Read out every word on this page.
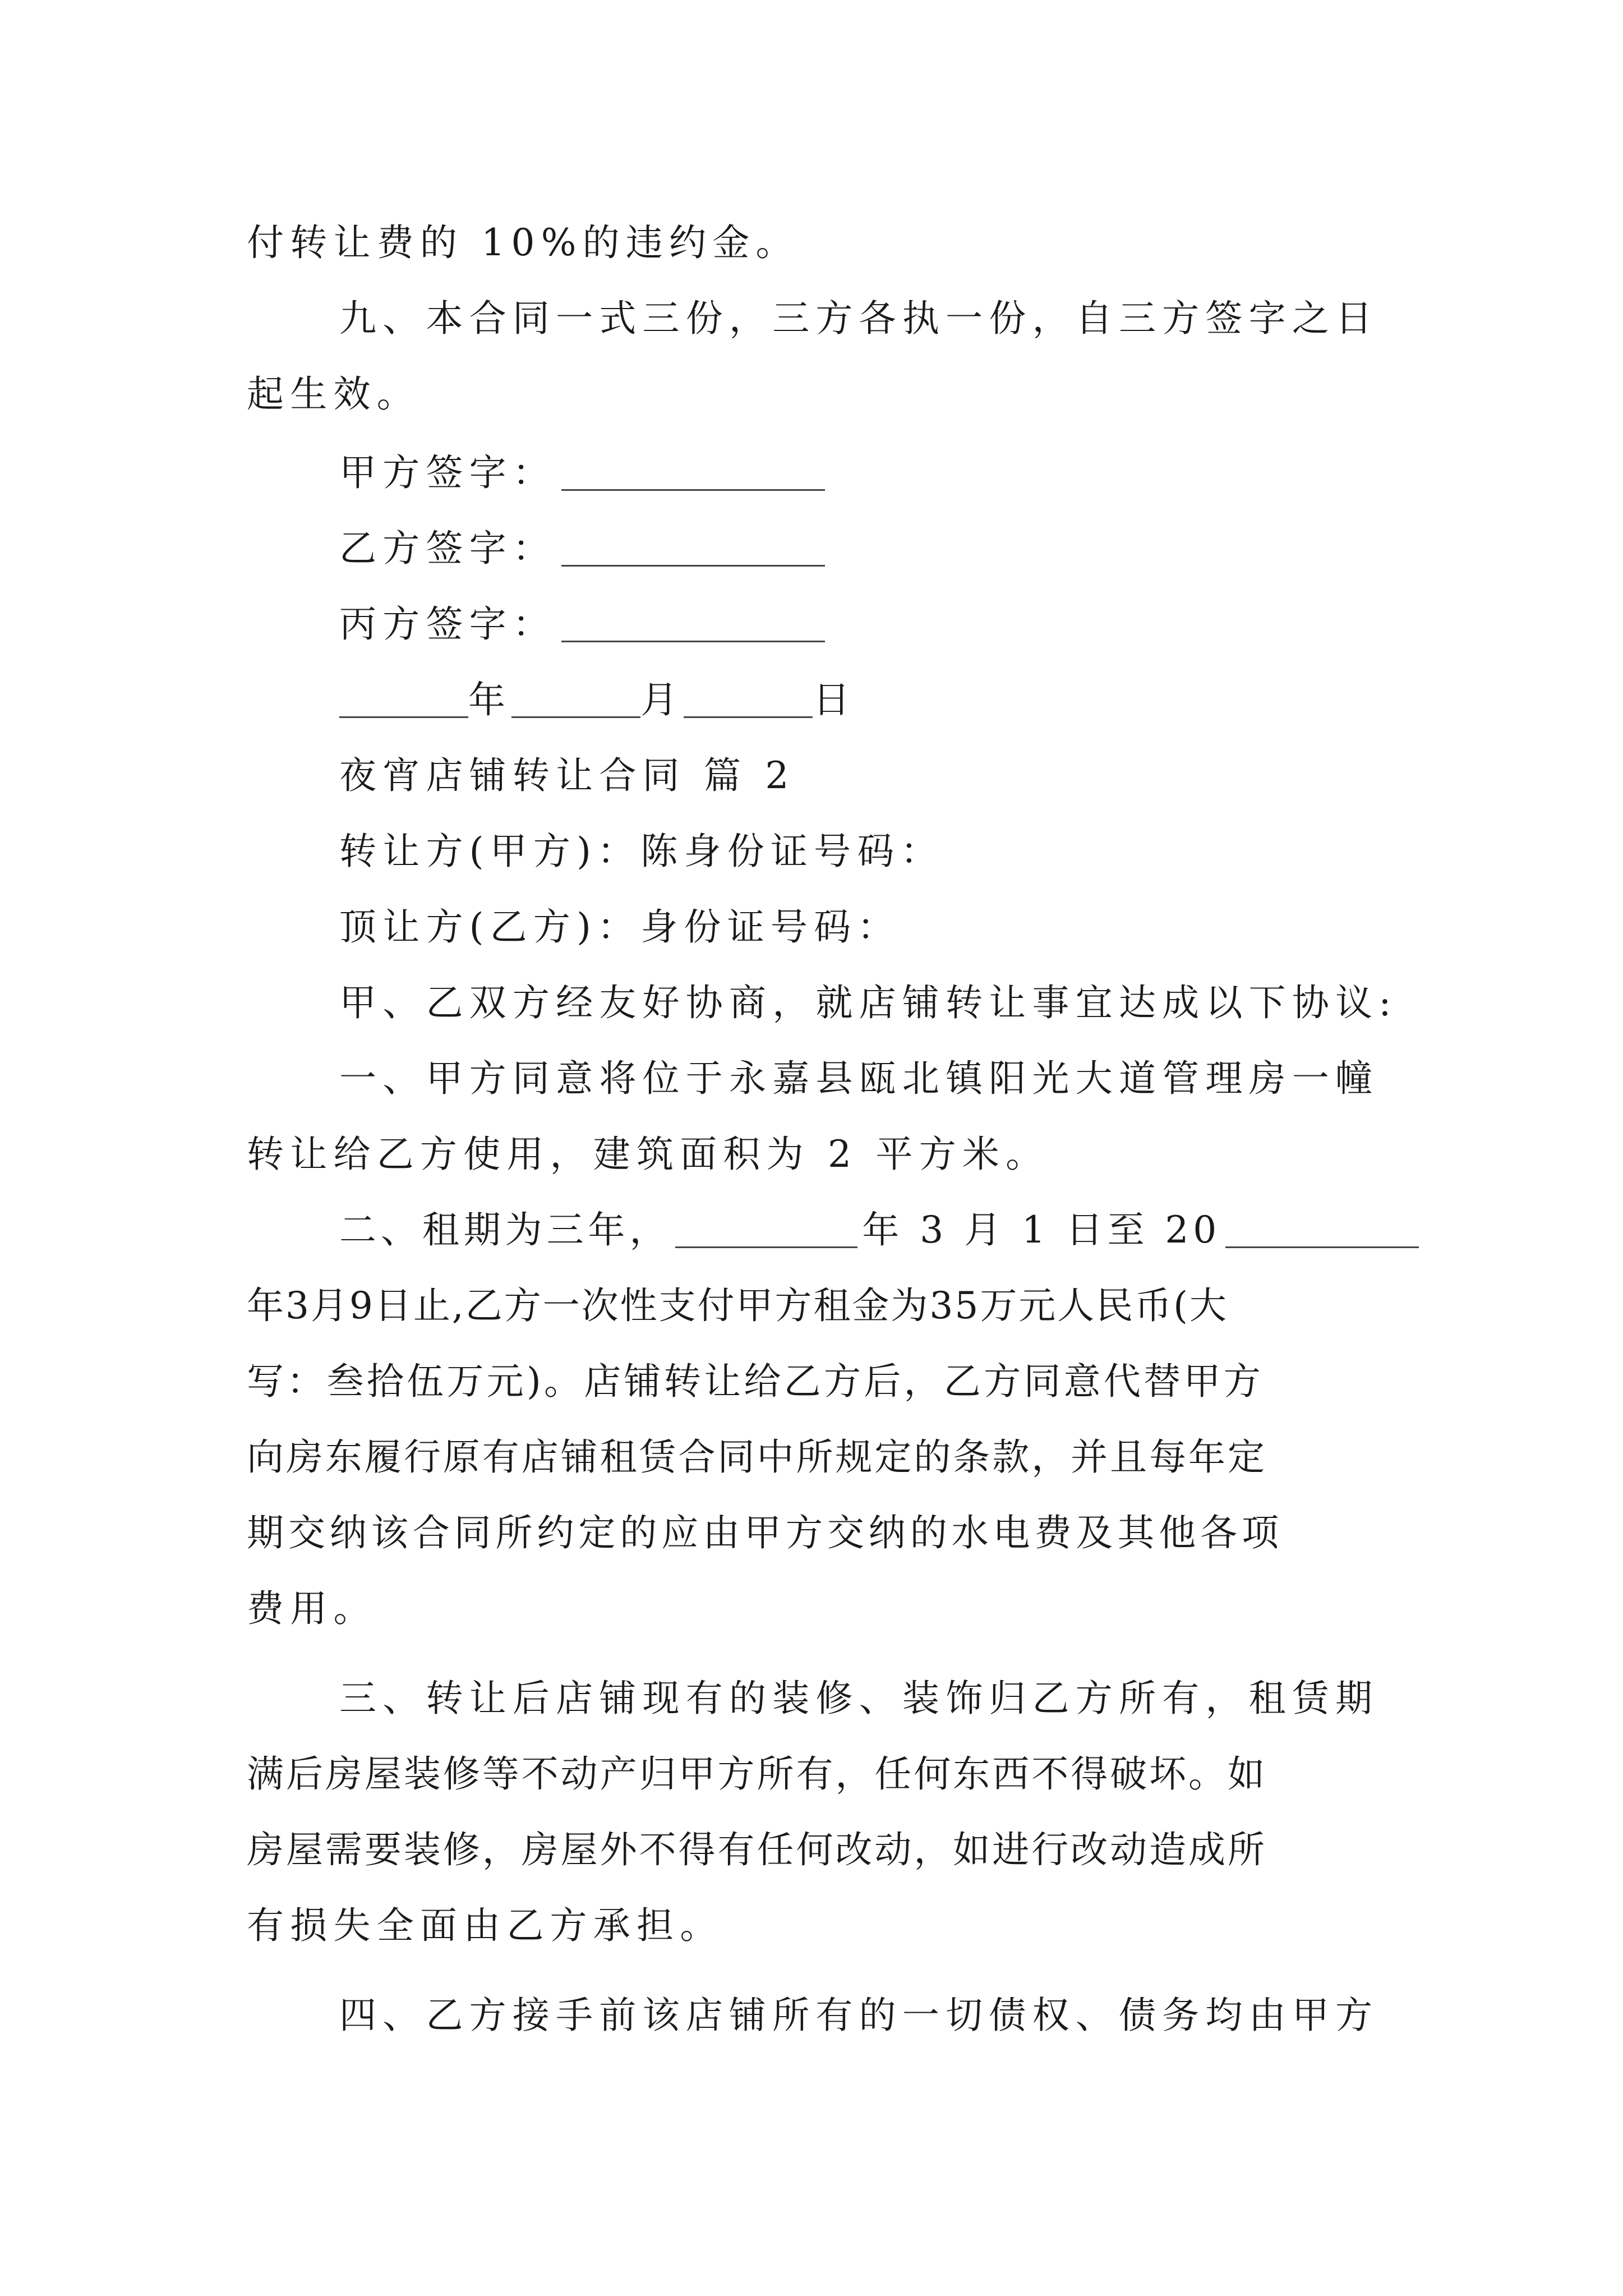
付转让费的 10%的违约金。
九、本合同一式三份，三方各执一份，自三方签字之日
起生效。
甲方签字：
乙方签字：
丙方签字：
年	月	日
夜宵店铺转让合同 篇 2
转让方(甲方)：陈身份证号码：
顶让方(乙方)：身份证号码：
甲、乙双方经友好协商，就店铺转让事宜达成以下协议:
一、甲方同意将位于永嘉县瓯北镇阳光大道管理房一幢
转让给乙方使用，建筑面积为 2 平方米。
二、租期为三年，	年 3 月 1 日至 20
年3月9日止,乙方一次性支付甲方租金为35万元人民币(大
写：叁拾伍万元)。店铺转让给乙方后，乙方同意代替甲方
向房东履行原有店铺租赁合同中所规定的条款，并且每年定
期交纳该合同所约定的应由甲方交纳的水电费及其他各项
费用。
三、转让后店铺现有的装修、装饰归乙方所有，租赁期
满后房屋装修等不动产归甲方所有，任何东西不得破坏。如
房屋需要装修，房屋外不得有任何改动，如进行改动造成所
有损失全面由乙方承担。
四、乙方接手前该店铺所有的一切债权、债务均由甲方
